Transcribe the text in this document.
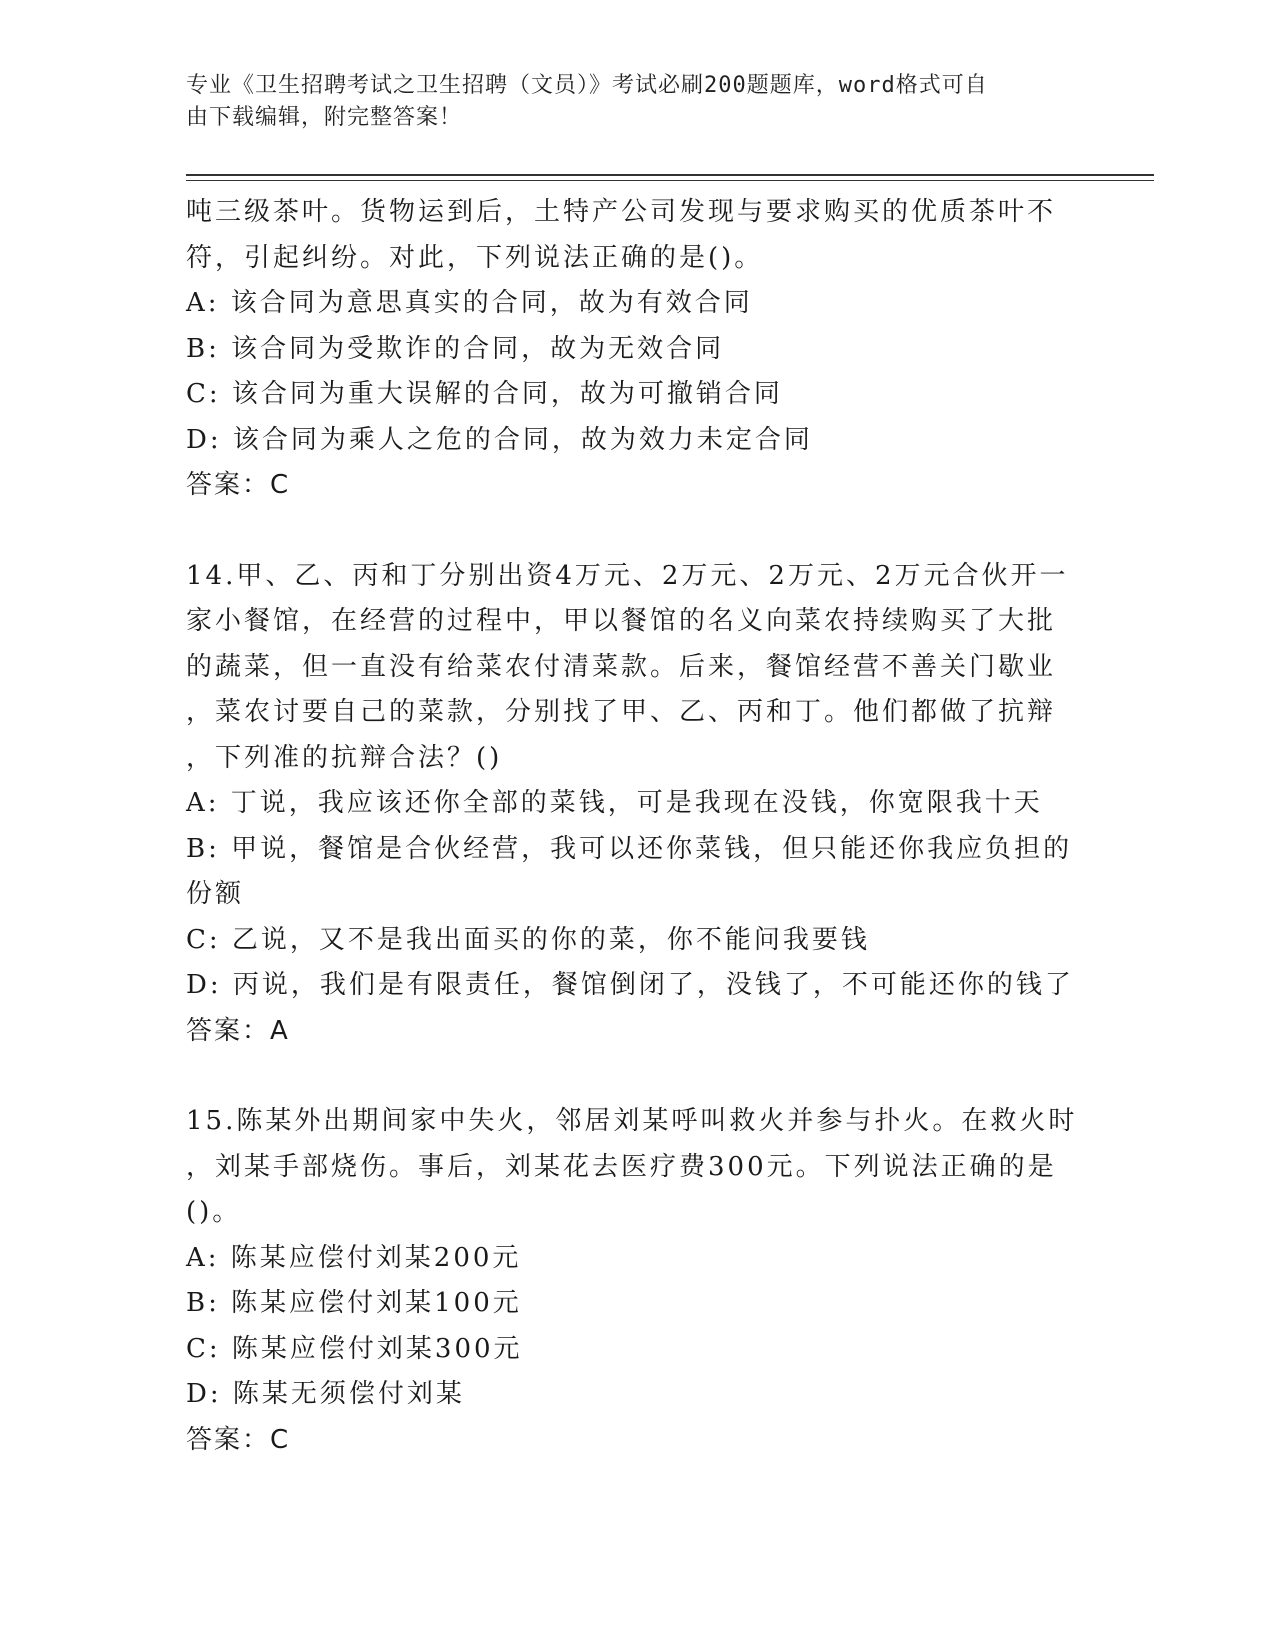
专业《卫生招聘考试之卫生招聘（文员）》考试必刷200题题库，word格式可自
由下载编辑，附完整答案！

吨三级茶叶。货物运到后，土特产公司发现与要求购买的优质茶叶不

符，引起纠纷。对此，下列说法正确的是()。

A: 该合同为意思真实的合同，故为有效合同

B: 该合同为受欺诈的合同，故为无效合同

C: 该合同为重大误解的合同，故为可撤销合同

D: 该合同为乘人之危的合同，故为效力未定合同

答案：C

14.甲、乙、丙和丁分别出资4万元、2万元、2万元、2万元合伙开一

家小餐馆，在经营的过程中，甲以餐馆的名义向菜农持续购买了大批

的蔬菜，但一直没有给菜农付清菜款。后来，餐馆经营不善关门歇业

，菜农讨要自己的菜款，分别找了甲、乙、丙和丁。他们都做了抗辩

，下列准的抗辩合法？()

A: 丁说，我应该还你全部的菜钱，可是我现在没钱，你宽限我十天

B: 甲说，餐馆是合伙经营，我可以还你菜钱，但只能还你我应负担的

份额

C: 乙说，又不是我出面买的你的菜，你不能问我要钱

D: 丙说，我们是有限责任，餐馆倒闭了，没钱了，不可能还你的钱了

答案：A

15.陈某外出期间家中失火，邻居刘某呼叫救火并参与扑火。在救火时

，刘某手部烧伤。事后，刘某花去医疗费300元。下列说法正确的是

()。

A: 陈某应偿付刘某200元

B: 陈某应偿付刘某100元

C: 陈某应偿付刘某300元

D: 陈某无须偿付刘某

答案：C
